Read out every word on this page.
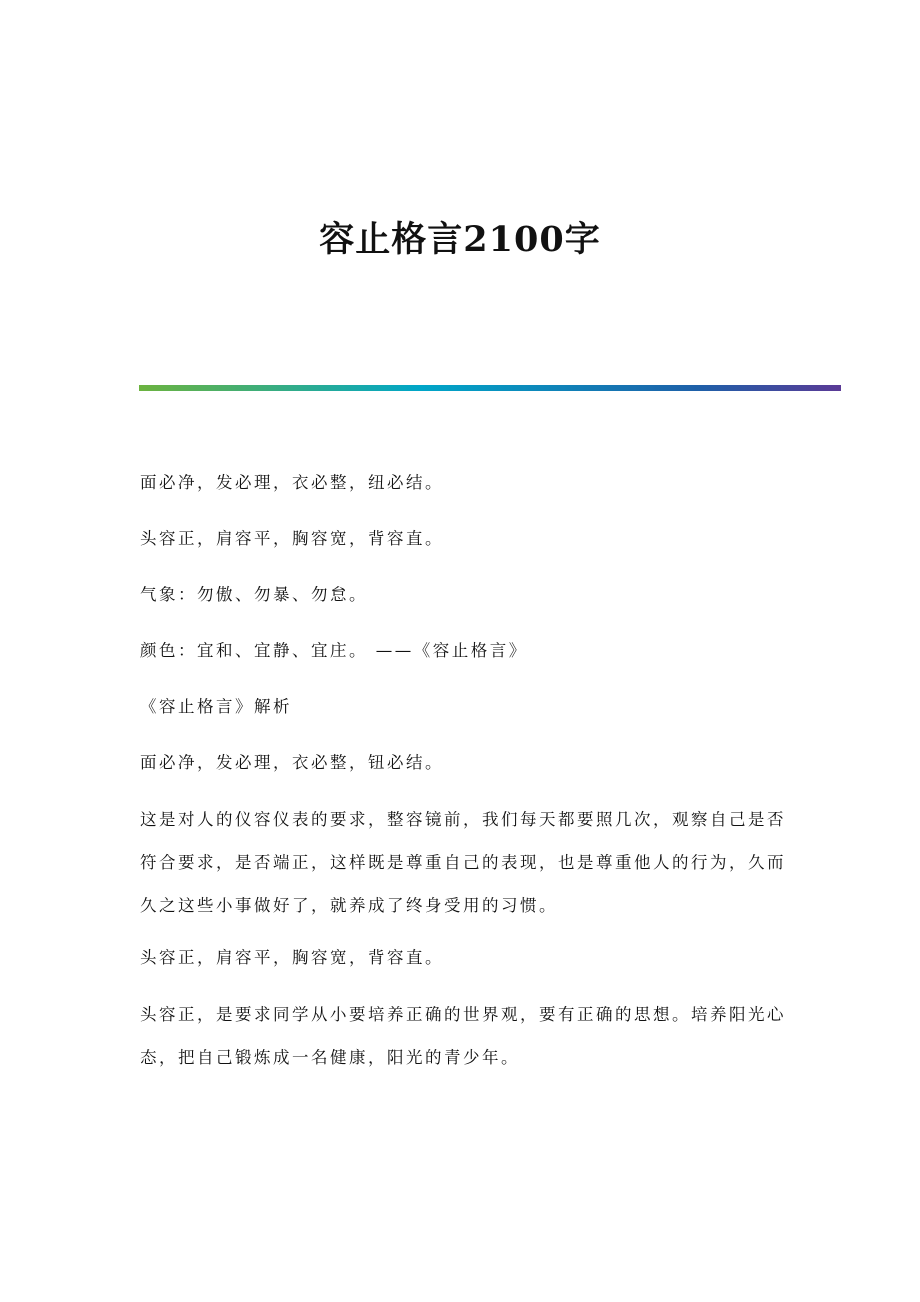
容止格言2100字

面必净，发必理，衣必整，纽必结。

头容正，肩容平，胸容宽，背容直。

气象：勿傲、勿暴、勿怠。

颜色：宜和、宜静、宜庄。 ——《容止格言》

《容止格言》解析

面必净，发必理，衣必整，钮必结。

这是对人的仪容仪表的要求，整容镜前，我们每天都要照几次，观察自己是否符合要求，是否端正，这样既是尊重自己的表现，也是尊重他人的行为，久而久之这些小事做好了，就养成了终身受用的习惯。

头容正，肩容平，胸容宽，背容直。

头容正，是要求同学从小要培养正确的世界观，要有正确的思想。培养阳光心态，把自己锻炼成一名健康，阳光的青少年。
